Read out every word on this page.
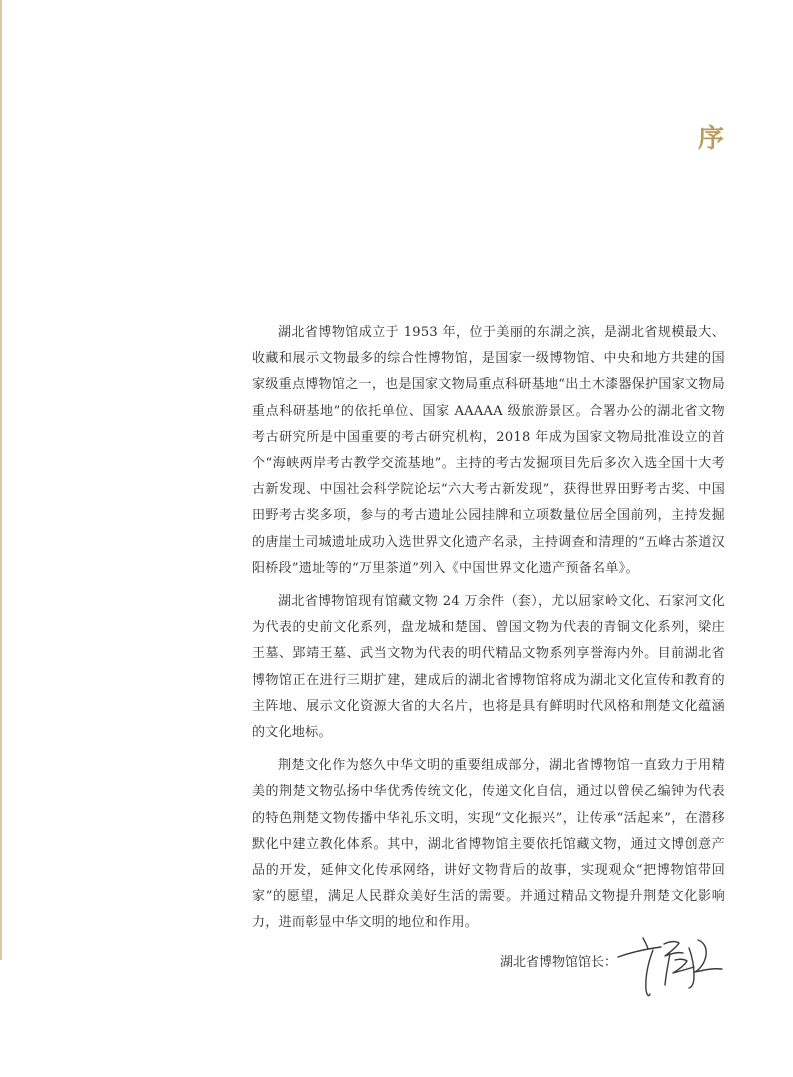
序

湖北省博物馆成立于 1953 年，位于美丽的东湖之滨，是湖北省规模最大、收藏和展示文物最多的综合性博物馆，是国家一级博物馆、中央和地方共建的国家级重点博物馆之一，也是国家文物局重点科研基地“出土木漆器保护国家文物局重点科研基地”的依托单位、国家 AAAAA 级旅游景区。合署办公的湖北省文物考古研究所是中国重要的考古研究机构，2018 年成为国家文物局批准设立的首个“海峡两岸考古教学交流基地”。主持的考古发掘项目先后多次入选全国十大考古新发现、中国社会科学院论坛“六大考古新发现”，获得世界田野考古奖、中国田野考古奖多项，参与的考古遗址公园挂牌和立项数量位居全国前列，主持发掘的唐崖土司城遗址成功入选世界文化遗产名录，主持调查和清理的“五峰古茶道汉阳桥段”遗址等的“万里茶道”列入《中国世界文化遗产预备名单》。

湖北省博物馆现有馆藏文物 24 万余件（套），尤以屈家岭文化、石家河文化为代表的史前文化系列，盘龙城和楚国、曾国文物为代表的青铜文化系列，梁庄王墓、郢靖王墓、武当文物为代表的明代精品文物系列享誉海内外。目前湖北省博物馆正在进行三期扩建，建成后的湖北省博物馆将成为湖北文化宣传和教育的主阵地、展示文化资源大省的大名片，也将是具有鲜明时代风格和荆楚文化蕴涵的文化地标。

荆楚文化作为悠久中华文明的重要组成部分，湖北省博物馆一直致力于用精美的荆楚文物弘扬中华优秀传统文化，传递文化自信，通过以曾侯乙编钟为代表的特色荆楚文物传播中华礼乐文明，实现“文化振兴”，让传承“活起来”，在潜移默化中建立教化体系。其中，湖北省博物馆主要依托馆藏文物，通过文博创意产品的开发，延伸文化传承网络，讲好文物背后的故事，实现观众“把博物馆带回家”的愿望，满足人民群众美好生活的需要。并通过精品文物提升荆楚文化影响力，进而彰显中华文明的地位和作用。

湖北省博物馆馆长：
